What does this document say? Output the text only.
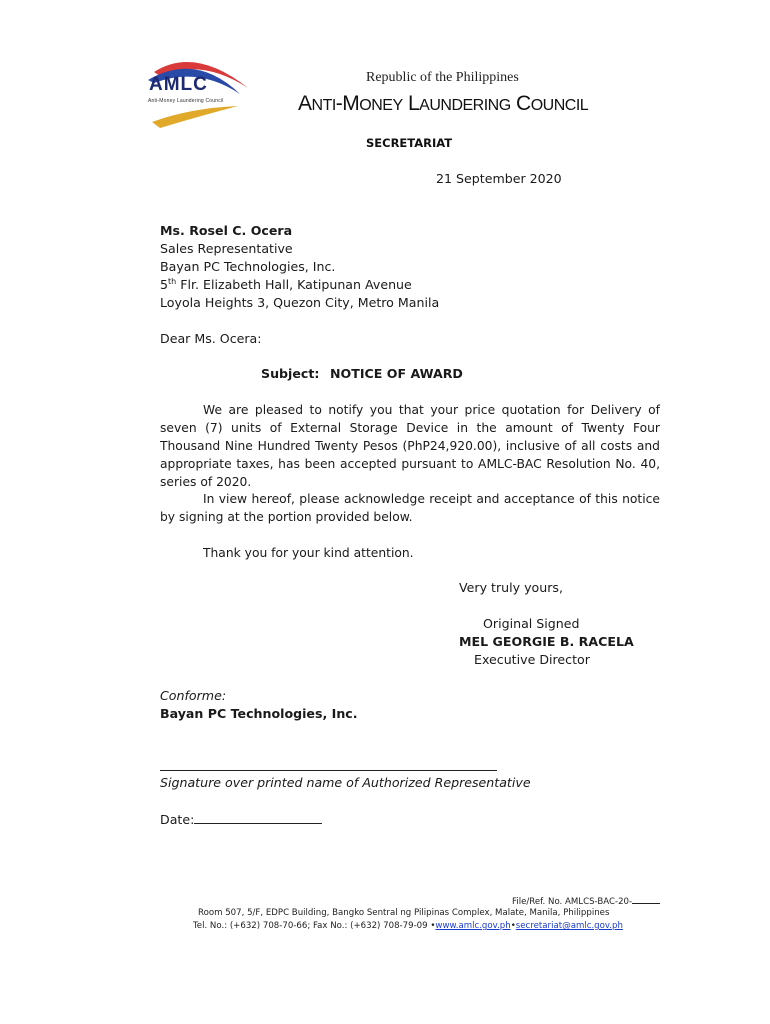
AMLC
Anti-Money Laundering Council
Republic of the Philippines
ANTI-MONEY LAUNDERING COUNCIL
SECRETARIAT
21 September 2020
Ms. Rosel C. Ocera
Sales Representative
Bayan PC Technologies, Inc.
5th Flr. Elizabeth Hall, Katipunan Avenue
Loyola Heights 3, Quezon City, Metro Manila
Dear Ms. Ocera:
Subject: NOTICE OF AWARD
We are pleased to notify you that your price quotation for Delivery of seven (7) units of External Storage Device in the amount of Twenty Four Thousand Nine Hundred Twenty Pesos (PhP24,920.00), inclusive of all costs and appropriate taxes, has been accepted pursuant to AMLC-BAC Resolution No. 40, series of 2020.
In view hereof, please acknowledge receipt and acceptance of this notice by signing at the portion provided below.
Thank you for your kind attention.
Very truly yours,
Original Signed
MEL GEORGIE B. RACELA
Executive Director
Conforme:
Bayan PC Technologies, Inc.
Signature over printed name of Authorized Representative
Date:
File/Ref. No. AMLCS-BAC-20-
Room 507, 5/F, EDPC Building, Bangko Sentral ng Pilipinas Complex, Malate, Manila, Philippines
Tel. No.: (+632) 708-70-66; Fax No.: (+632) 708-79-09 •www.amlc.gov.ph•secretariat@amlc.gov.ph
